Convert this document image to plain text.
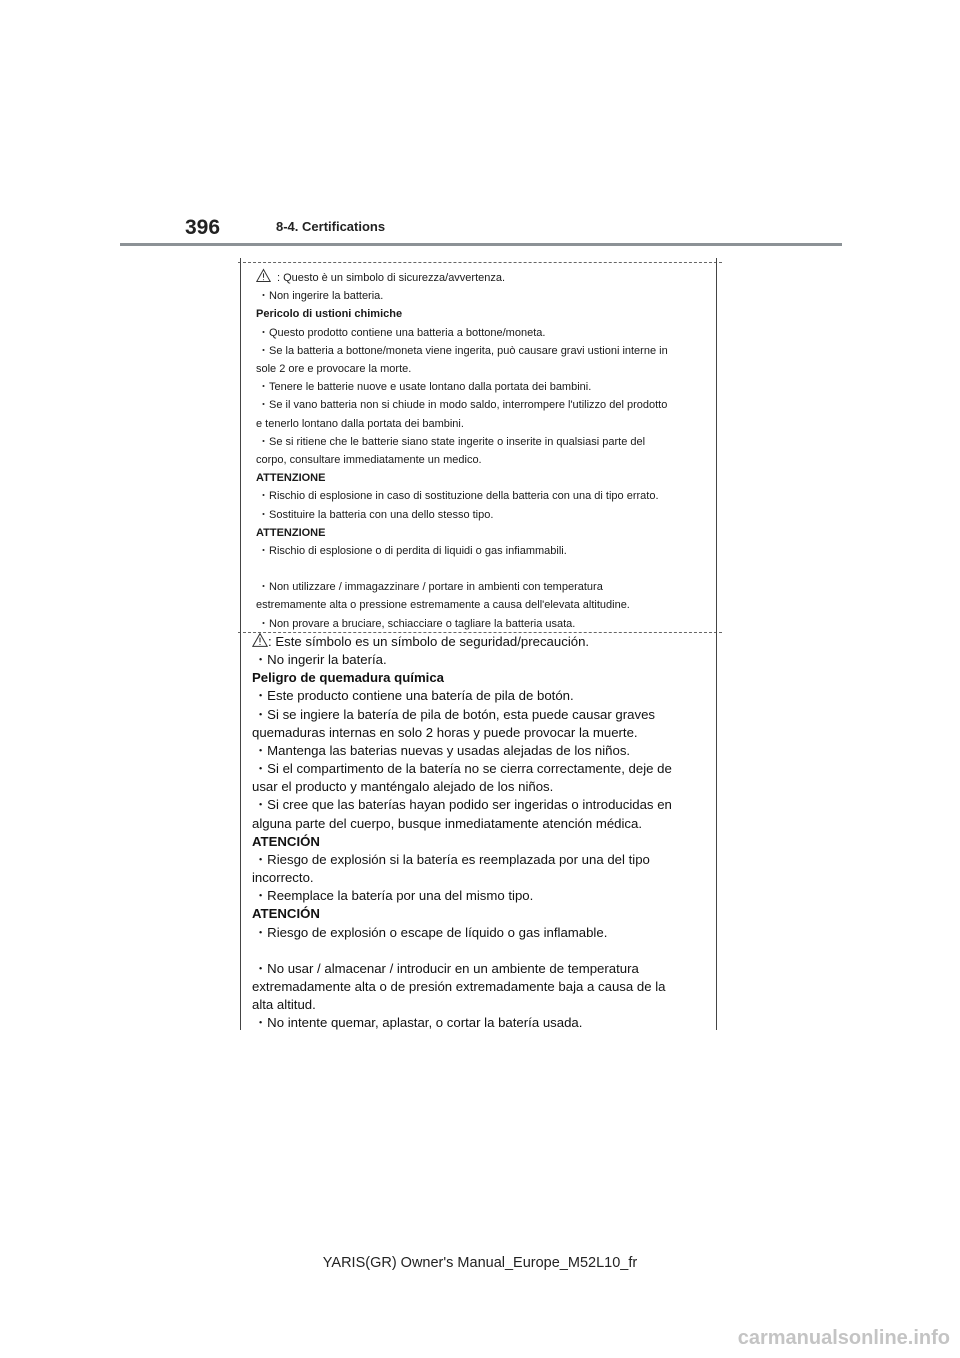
396	8-4. Certifications
: Questo è un simbolo di sicurezza/avvertenza.
・Non ingerire la batteria.
Pericolo di ustioni chimiche
・Questo prodotto contiene una batteria a bottone/moneta.
・Se la batteria a bottone/moneta viene ingerita, può causare gravi ustioni interne in
sole 2 ore e provocare la morte.
・Tenere le batterie nuove e usate lontano dalla portata dei bambini.
・Se il vano batteria non si chiude in modo saldo, interrompere l'utilizzo del prodotto
e tenerlo lontano dalla portata dei bambini.
・Se si ritiene che le batterie siano state ingerite o inserite in qualsiasi parte del
corpo, consultare immediatamente un medico.
ATTENZIONE
・Rischio di esplosione in caso di sostituzione della batteria con una di tipo errato.
・Sostituire la batteria con una dello stesso tipo.
ATTENZIONE
・Rischio di esplosione o di perdita di liquidi o gas infiammabili.
・Non utilizzare / immagazzinare / portare in ambienti con temperatura
estremamente alta o pressione estremamente a causa dell'elevata altitudine.
・Non provare a bruciare, schiacciare o tagliare la batteria usata.
: Este símbolo es un símbolo de seguridad/precaución.
・No ingerir la batería.
Peligro de quemadura química
・Este producto contiene una batería de pila de botón.
・Si se ingiere la batería de pila de botón, esta puede causar graves
quemaduras internas en solo 2 horas y puede provocar la muerte.
・Mantenga las baterias nuevas y usadas alejadas de los niños.
・Si el compartimento de la batería no se cierra correctamente, deje de
usar el producto y manténgalo alejado de los niños.
・Si cree que las baterías hayan podido ser ingeridas o introducidas en
alguna parte del cuerpo, busque inmediatamente atención médica.
ATENCIÓN
・Riesgo de explosión si la batería es reemplazada por una del tipo
incorrecto.
・Reemplace la batería por una del mismo tipo.
ATENCIÓN
・Riesgo de explosión o escape de líquido o gas inflamable.
・No usar / almacenar / introducir en un ambiente de temperatura
extremadamente alta o de presión extremadamente baja a causa de la
alta altitud.
・No intente quemar, aplastar, o cortar la batería usada.
YARIS(GR) Owner's Manual_Europe_M52L10_fr
carmanualsonline.info
